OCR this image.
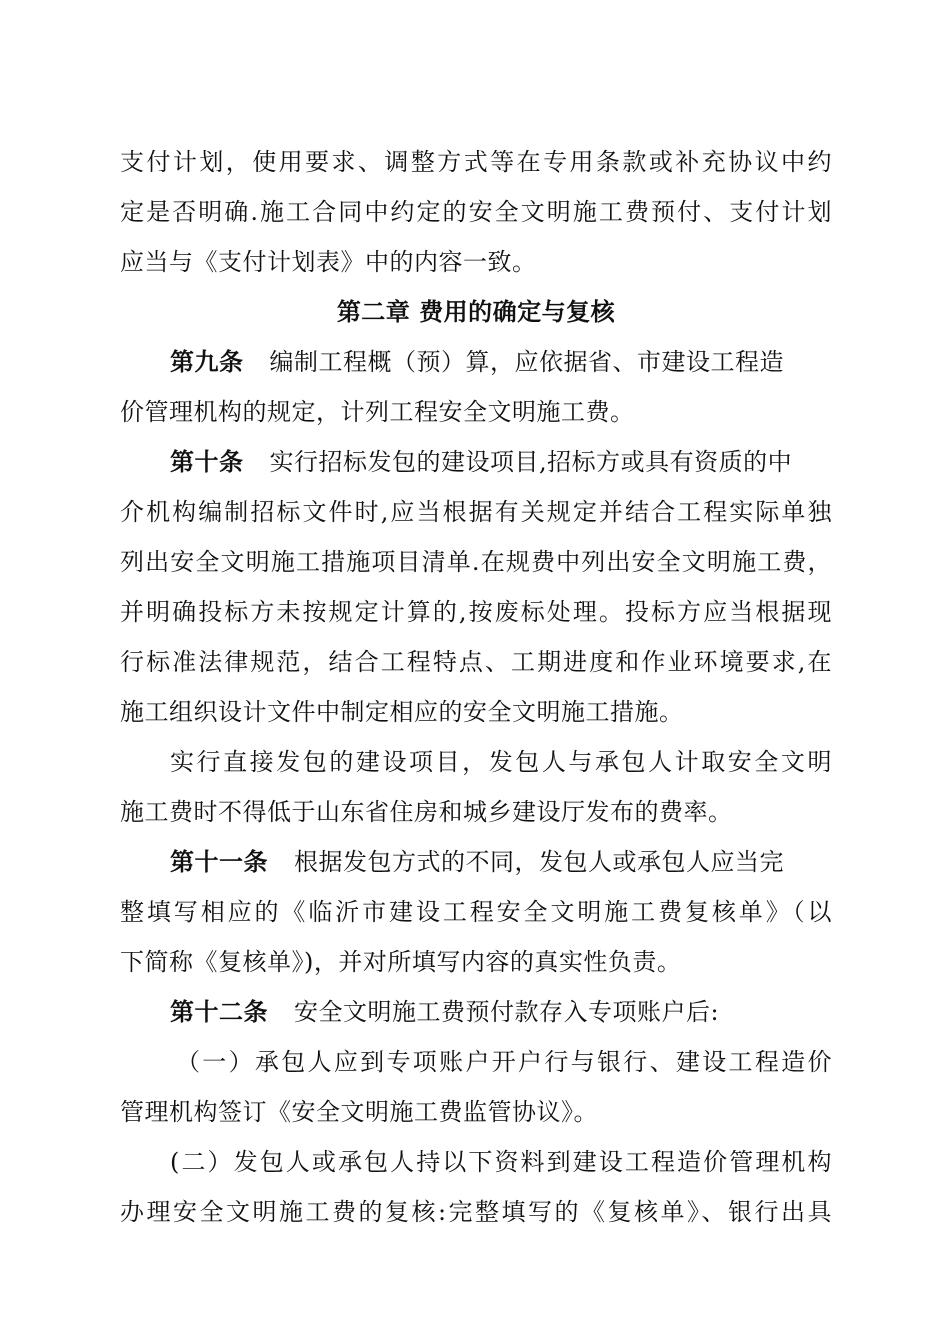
支付计划，使用要求、调整方式等在专用条款或补充协议中约
定是否明确.施工合同中约定的安全文明施工费预付、支付计划
应当与《支付计划表》中的内容一致。
第二章 费用的确定与复核
第九条 编制工程概（预）算，应依据省、市建设工程造
价管理机构的规定，计列工程安全文明施工费。
第十条 实行招标发包的建设项目,招标方或具有资质的中
介机构编制招标文件时,应当根据有关规定并结合工程实际单独
列出安全文明施工措施项目清单.在规费中列出安全文明施工费，
并明确投标方未按规定计算的,按废标处理。投标方应当根据现
行标准法律规范，结合工程特点、工期进度和作业环境要求,在
施工组织设计文件中制定相应的安全文明施工措施。
实行直接发包的建设项目，发包人与承包人计取安全文明
施工费时不得低于山东省住房和城乡建设厅发布的费率。
第十一条 根据发包方式的不同，发包人或承包人应当完
整填写相应的《临沂市建设工程安全文明施工费复核单》（以
下简称《复核单》)，并对所填写内容的真实性负责。
第十二条 安全文明施工费预付款存入专项账户后:
（一）承包人应到专项账户开户行与银行、建设工程造价
管理机构签订《安全文明施工费监管协议》。
(二）发包人或承包人持以下资料到建设工程造价管理机构
办理安全文明施工费的复核:完整填写的《复核单》、银行出具
